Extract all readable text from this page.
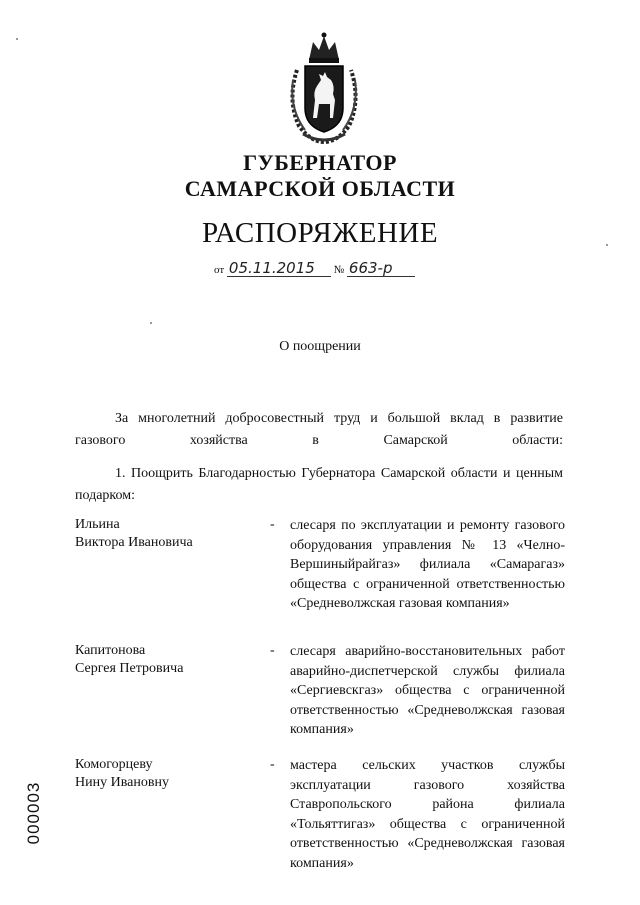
ГУБЕРНАТОР
САМАРСКОЙ ОБЛАСТИ
РАСПОРЯЖЕНИЕ
от 05.11.2015 № 663-р
О поощрении
За многолетний добросовестный труд и большой вклад в развитие газового хозяйства в Самарской области:
1. Поощрить Благодарностью Губернатора Самарской области и ценным подарком:
Ильина
Виктора Ивановича
- слесаря по эксплуатации и ремонту газового оборудования управления № 13 «Челно-Вершиныйрайгаз» филиала «Самарагаз» общества с ограниченной ответственностью «Средневолжская газовая компания»
Капитонова
Сергея Петровича
- слесаря аварийно-восстановительных работ аварийно-диспетчерской службы филиала «Сергиевскгаз» общества с ограниченной ответственностью «Средневолжская газовая компания»
Комогорцеву
Нину Ивановну
- мастера сельских участков службы эксплуатации газового хозяйства Ставропольского района филиала «Тольяттигаз» общества с ограниченной ответственностью «Средневолжская газовая компания»
000003
